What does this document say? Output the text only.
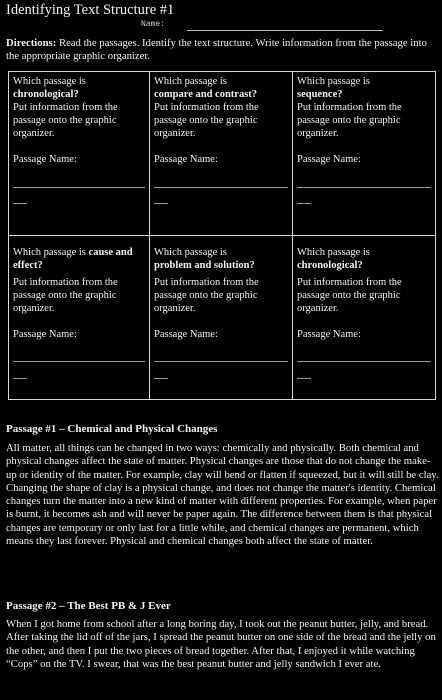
Identifying Text Structure #1
Name:
Directions: Read the passages. Identify the text structure. Write information from the passage into the appropriate graphic organizer.
Which passage is
chronological?
Put information from the passage onto the graphic organizer.
Passage Name:
Which passage is
compare and contrast?
Put information from the passage onto the graphic organizer.
Passage Name:
Which passage is
sequence?
Put information from the passage onto the graphic organizer.
Passage Name:
Which passage is cause and effect?
Put information from the passage onto the graphic organizer.
Passage Name:
Which passage is
problem and solution?
Put information from the passage onto the graphic organizer.
Passage Name:
Which passage is
chronological?
Put information from the passage onto the graphic organizer.
Passage Name:
Passage #1 – Chemical and Physical Changes
All matter, all things can be changed in two ways: chemically and physically. Both chemical and physical changes affect the state of matter. Physical changes are those that do not change the make-up or identity of the matter. For example, clay will bend or flatten if squeezed, but it will still be clay. Changing the shape of clay is a physical change, and does not change the matter's identity. Chemical changes turn the matter into a new kind of matter with different properties. For example, when paper is burnt, it becomes ash and will never be paper again. The difference between them is that physical changes are temporary or only last for a little while, and chemical changes are permanent, which means they last forever. Physical and chemical changes both affect the state of matter.
Passage #2 – The Best PB & J Ever
When I got home from school after a long boring day, I took out the peanut butter, jelly, and bread. After taking the lid off of the jars, I spread the peanut butter on one side of the bread and the jelly on the other, and then I put the two pieces of bread together. After that, I enjoyed it while watching “Cops” on the TV. I swear, that was the best peanut butter and jelly sandwich I ever ate.
